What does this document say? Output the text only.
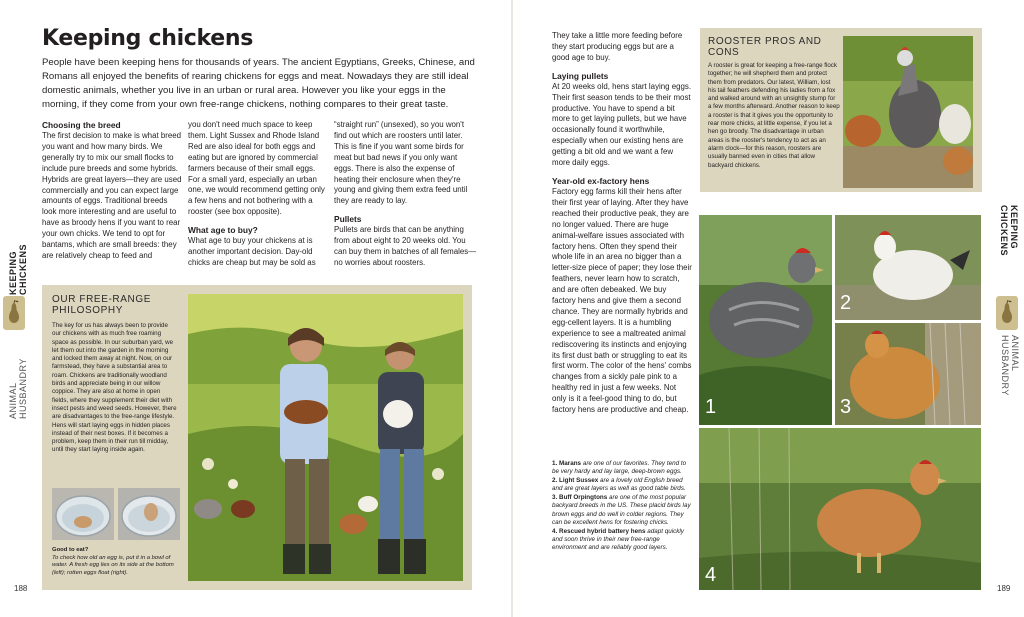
KEEPING CHICKENS
ANIMAL HUSBANDRY
KEEPING CHICKENS
ANIMAL HUSBANDRY
188	189
Keeping chickens

People have been keeping hens for thousands of years. The ancient Egyptians, Greeks, Chinese, and Romans all enjoyed the benefits of rearing chickens for eggs and meat. Nowadays they are still ideal domestic animals, whether you live in an urban or rural area. However you like your eggs in the morning, if they come from your own free-range chickens, nothing compares to their great taste.

Choosing the breed

The first decision to make is what breed you want and how many birds. We generally try to mix our small flocks to include pure breeds and some hybrids. Hybrids are great layers—they are used commercially and you can expect large amounts of eggs. Traditional breeds look more interesting and are useful to have as broody hens if you want to rear your own chicks. We tend to opt for bantams, which are small breeds: they are relatively cheap to feed and

you don't need much space to keep them. Light Sussex and Rhode Island Red are also ideal for both eggs and eating but are ignored by commercial farmers because of their small eggs. For a small yard, especially an urban one, we would recommend getting only a few hens and not bothering with a rooster (see box opposite).

What age to buy?

What age to buy your chickens at is another important decision. Day-old chicks are cheap but may be sold as

“straight run” (unsexed), so you won't find out which are roosters until later. This is fine if you want some birds for meat but bad news if you only want eggs. There is also the expense of heating their enclosure when they're young and giving them extra feed until they are ready to lay.

Pullets

Pullets are birds that can be anything from about eight to 20 weeks old. You can buy them in batches of all females—no worries about roosters.

OUR FREE-RANGE PHILOSOPHY

The key for us has always been to provide our chickens with as much free roaming space as possible. In our suburban yard, we let them out into the garden in the morning and locked them away at night. Now, on our farmstead, they have a substantial area to roam. Chickens are traditionally woodland birds and appreciate being in our willow coppice. They are also at home in open fields, where they supplement their diet with insect pests and weed seeds. However, there are disadvantages to the free-range lifestyle. Hens will start laying eggs in hidden places instead of their nest boxes. If it becomes a problem, keep them in their run till midday, until they start laying inside again.

Good to eat?
To check how old an egg is, put it in a bowl of water. A fresh egg lies on its side at the bottom (left); rotten eggs float (right).

They take a little more feeding before they start producing eggs but are a good age to buy.

Laying pullets

At 20 weeks old, hens start laying eggs. Their first season tends to be their most productive. You have to spend a bit more to get laying pullets, but we have occasionally found it worthwhile, especially when our existing hens are getting a bit old and we want a few more daily eggs.

Year-old ex-factory hens

Factory egg farms kill their hens after their first year of laying. After they have reached their productive peak, they are no longer valued. There are huge animal-welfare issues associated with factory hens. Often they spend their whole life in an area no bigger than a letter-size piece of paper; they lose their feathers, never learn how to scratch, and are often debeaked. We buy factory hens and give them a second chance. They are normally hybrids and egg-cellent layers. It is a humbling experience to see a maltreated animal rediscovering its instincts and enjoying its first dust bath or struggling to eat its first worm. The color of the hens' combs changes from a sickly pale pink to a healthy red in just a few weeks. Not only is it a feel-good thing to do, but factory hens are productive and cheap.

1. Marans are one of our favorites. They tend to be very hardy and lay large, deep-brown eggs.
2. Light Sussex are a lovely old English breed and are great layers as well as good table birds.
3. Buff Orpingtons are one of the most popular backyard breeds in the US. These placid birds lay brown eggs and do well in colder regions. They can be excellent hens for fostering chicks.
4. Rescued hybrid battery hens adapt quickly and soon thrive in their new free-range environment and are reliably good layers.
ROOSTER PROS AND CONS

A rooster is great for keeping a free-range flock together; he will shepherd them and protect them from predators. Our latest, William, lost his tail feathers defending his ladies from a fox and walked around with an unsightly stump for a few months afterward. Another reason to keep a rooster is that it gives you the opportunity to rear more chicks, at little expense, if you let a hen go broody. The disadvantage in urban areas is the rooster's tendency to act as an alarm clock—for this reason, roosters are usually banned even in cities that allow backyard chickens.

1
2
3
4
